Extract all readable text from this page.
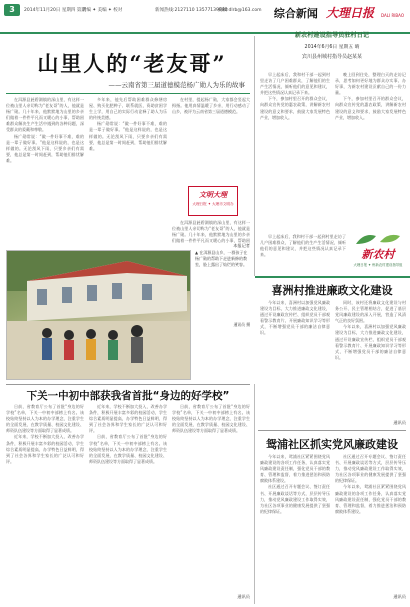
3	2014年11月20日 星期四 第期
责编 ✦ 美编 ✦ 校对	新闻热线:2127110 13577139880
投稿:dlrb@163.com 综合新闻 大理日报 DALI RIBAO
山里人的“老友哥”
——云南省第三届道德模范杨广勋人为乐的故事

在洱源县茈碧湖镇的深山里，有这样一位被山里人亲切称为“老友哥”的人，他就是杨广勋。几十年来，他默默地为山里的乡亲们做着一件件平凡而又暖心的小事，帮助困难群众解决生产生活中遇到的各种问题，深受群众的爱戴和尊敬。

杨广勋常说：“做一件好事不难，难的是一辈子做好事。”他是这样说的，也是这样做的。无论刮风下雨，只要乡亲们有需要，他总是第一时间赶到，帮助他们排忧解难。

多年来，他先后帮助困难群众修缮房屋、购买化肥种子、联系就医，资助贫困学生上学，用自己的实际行动诠释了助人为乐的传统美德。

杨广勋常说：“做一件好事不难，难的是一辈子做好事。”他是这样说的，也是这样做的。无论刮风下雨，只要乡亲们有需要，他总是第一时间赶到，帮助他们排忧解难。

在村里，提起杨广勋，大家都会竖起大拇指。他用真情温暖了乡亲，用行动感动了山乡，被评为云南省第三届道德模范。

在洱源县茈碧湖镇的深山里，有这样一位被山里人亲切称为“老友哥”的人，他就是杨广勋。几十年来，他默默地为山里的乡亲们做着一件件平凡而又暖心的小事，帮助困

本报记者
文明大理
大理日报 ✦ 大理市文明办
▲ 在洱源县山乡，一群孩子在杨广勋的帮助下走进新修的教室，脸上露出了灿烂的笑容。
通讯员 摄
下关一中初中部获我省首批“身边的好学校”

日前，省教育厅公布了首批“身边的好学校”名单，下关一中初中部榜上有名。该校始终坚持以人为本的办学理念，注重学生的全面发展，在教学质量、校园文化建设、师资队伍建设等方面取得了显著成绩。

近年来，学校不断加大投入，改善办学条件，积极开展丰富多彩的校园活动，学生综合素质明显提高，办学特色日益鲜明，得到了社会各界和学生家长的广泛认可和好评。

近年来，学校不断加大投入，改善办学条件，积极开展丰富多彩的校园活动，学生综合素质明显提高，办学特色日益鲜明，得到了社会各界和学生家长的广泛认可和好评。

日前，省教育厅公布了首批“身边的好学校”名单，下关一中初中部榜上有名。该校始终坚持以人为本的办学理念，注重学生的全面发展，在教学质量、校园文化建设、师资队伍建设等方面取得了显著成绩。

日前，省教育厅公布了首批“身边的好学校”名单，下关一中初中部榜上有名。该校始终坚持以人为本的办学理念，注重学生的全面发展，在教学质量、校园文化建设、师资队伍建设等方面取得了显著成绩。

通讯员
新农村建设指导员驻村日记
2014年6月6日 星期五 晴
宾川县州城村指导员赵某某

早上起床后，我和村干部一起到村里走访了几户困难群众，了解他们的生产生活情况，倾听他们的意见和建议，并把这些情况认真记录下来。

下午，参加村里召开的群众会议，向群众宣传党的惠农政策，讲解新农村建设的意义和要求，鼓励大家发展特色产业，增加收入。

晚上回到住处，整理白天的走访记录，思考如何更好地为群众办实事、办好事，为新农村建设贡献自己的一份力量。

下午，参加村里召开的群众会议，向群众宣传党的惠农政策，讲解新农村建设的意义和要求，鼓励大家发展特色产业，增加收入。

早上起床后，我和村干部一起到村里走访了几户困难群众，了解他们的生产生活情况，倾听他们的意见和建议，并把这些情况认真记录下来。	新农村
大理日报 ✦ 州新农村建设指导组
喜洲村推进廉政文化建设

今年以来，喜洲村以加强党风廉政建设为目标，大力推进廉政文化建设，通过开设廉政宣传栏、组织党员干部观看警示教育片、开展廉政知识学习等形式，不断增强党员干部的廉洁自律意识。

同时，该村还将廉政文化建设与村务公开、民主管理相结合，促进了基层党风廉政建设的深入开展，营造了风清气正的良好氛围。

今年以来，喜洲村以加强党风廉政建设为目标，大力推进廉政文化建设，通过开设廉政宣传栏、组织党员干部观看警示教育片、开展廉政知识学习等形式，不断增强党员干部的廉洁自律意识。

通讯员
鸳浦社区抓实党风廉政建设

今年以来，鸳浦社区紧紧围绕党风廉政建设的各项工作任务，认真落实党风廉政建设责任制，强化党员干部的教育、管理和监督，着力推进惩治和预防腐败体系建设。

社区通过召开专题会议、签订责任书、开展廉政谈话等方式，层层传导压力，推动党风廉政建设工作取得实效，为社区各项事业的健康发展提供了坚强的纪律保证。

社区通过召开专题会议、签订责任书、开展廉政谈话等方式，层层传导压力，推动党风廉政建设工作取得实效，为社区各项事业的健康发展提供了坚强的纪律保证。

今年以来，鸳浦社区紧紧围绕党风廉政建设的各项工作任务，认真落实党风廉政建设责任制，强化党员干部的教育、管理和监督，着力推进惩治和预防腐败体系建设。

通讯员
